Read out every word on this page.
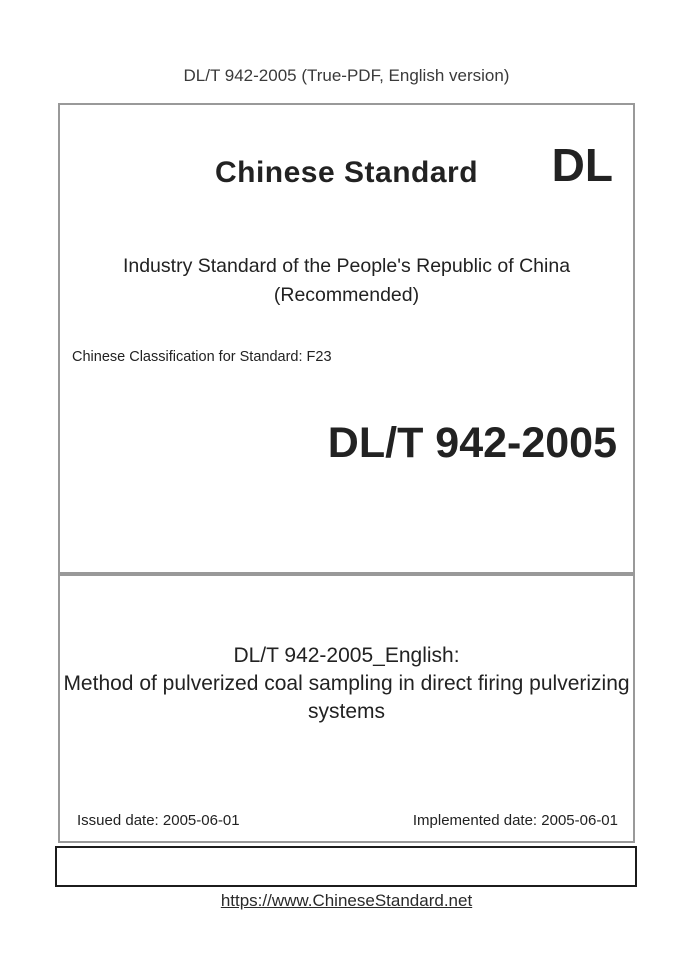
DL/T 942-2005 (True-PDF, English version)
Chinese Standard	DL
Industry Standard of the People's Republic of China
(Recommended)
Chinese Classification for Standard: F23
DL/T 942-2005
DL/T 942-2005_English:
Method of pulverized coal sampling in direct firing pulverizing
systems
Issued date: 2005-06-01	Implemented date: 2005-06-01
https://www.ChineseStandard.net
